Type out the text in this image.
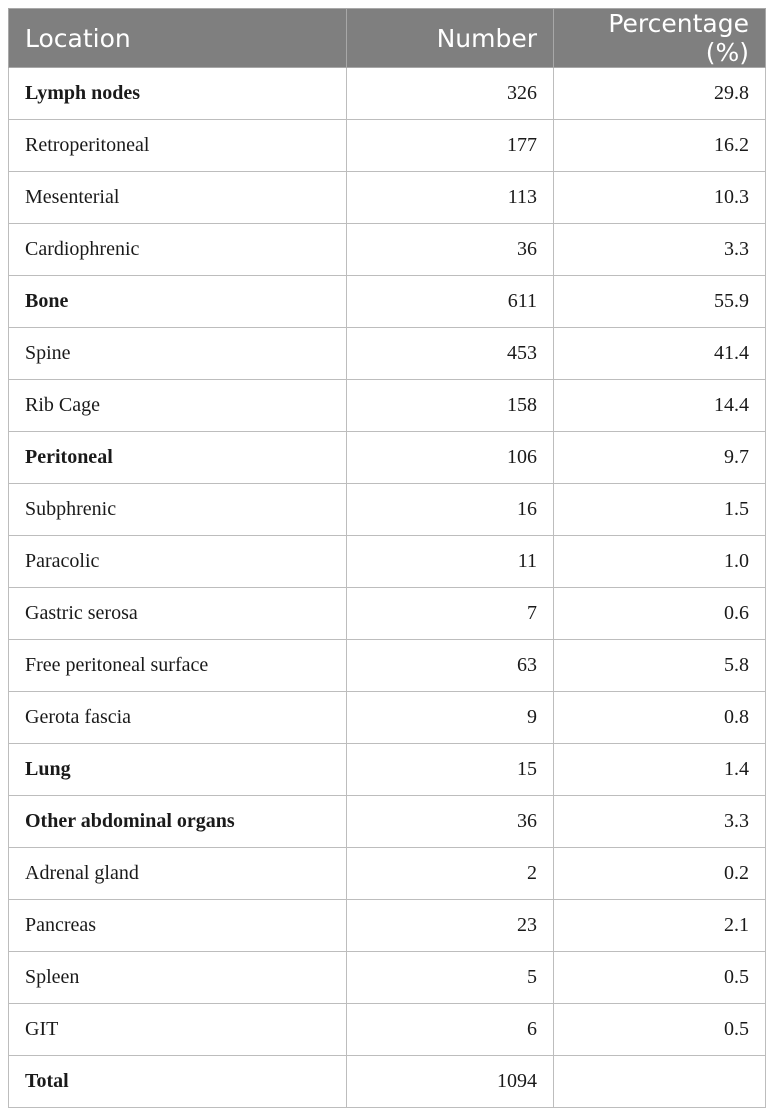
Location	Number	Percentage (%)
Lymph nodes	326	29.8
Retroperitoneal	177	16.2
Mesenterial	113	10.3
Cardiophrenic	36	3.3
Bone	611	55.9
Spine	453	41.4
Rib Cage	158	14.4
Peritoneal	106	9.7
Subphrenic	16	1.5
Paracolic	11	1.0
Gastric serosa	7	0.6
Free peritoneal surface	63	5.8
Gerota fascia	9	0.8
Lung	15	1.4
Other abdominal organs	36	3.3
Adrenal gland	2	0.2
Pancreas	23	2.1
Spleen	5	0.5
GIT	6	0.5
Total	1094	
